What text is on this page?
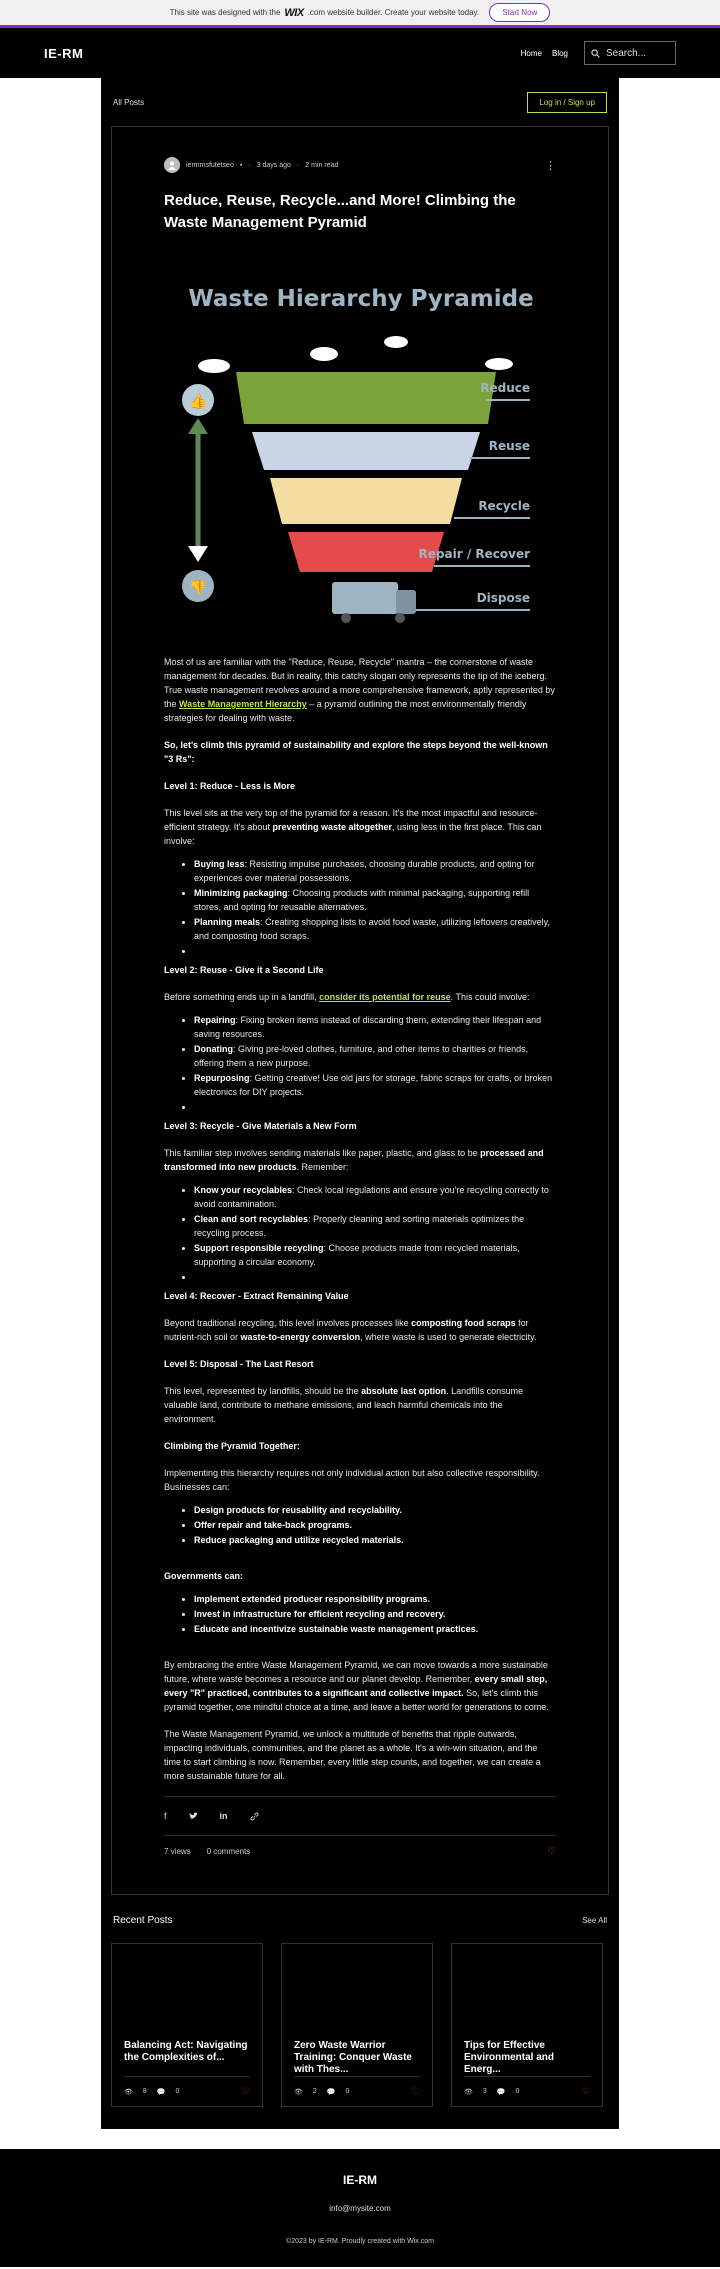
This site was designed with the WIX .com website builder. Create your website today.	Start Now
IE-RM	Home Blog	Search...
All Posts	Log in / Sign up
iermmsfutetseo ▪ · 3 days ago · 2 min read	⋮
Reduce, Reuse, Recycle...and More! Climbing the Waste Management Pyramid
Waste Hierarchy Pyramide
👍
👎
Reduce
Reuse
Recycle
Repair / Recover
Dispose

Most of us are familiar with the "Reduce, Reuse, Recycle" mantra – the cornerstone of waste management for decades. But in reality, this catchy slogan only represents the tip of the iceberg. True waste management revolves around a more comprehensive framework, aptly represented by the Waste Management Hierarchy – a pyramid outlining the most environmentally friendly strategies for dealing with waste.

So, let's climb this pyramid of sustainability and explore the steps beyond the well-known "3 Rs":

Level 1: Reduce - Less is More

This level sits at the very top of the pyramid for a reason. It's the most impactful and resource-efficient strategy. It's about preventing waste altogether, using less in the first place. This can involve:

• Buying less: Resisting impulse purchases, choosing durable products, and opting for experiences over material possessions.
• Minimizing packaging: Choosing products with minimal packaging, supporting refill stores, and opting for reusable alternatives.
• Planning meals: Creating shopping lists to avoid food waste, utilizing leftovers creatively, and composting food scraps.
•
Level 2: Reuse - Give it a Second Life

Before something ends up in a landfill, consider its potential for reuse. This could involve:

• Repairing: Fixing broken items instead of discarding them, extending their lifespan and saving resources.
• Donating: Giving pre-loved clothes, furniture, and other items to charities or friends, offering them a new purpose.
• Repurposing: Getting creative! Use old jars for storage, fabric scraps for crafts, or broken electronics for DIY projects.
•
Level 3: Recycle - Give Materials a New Form

This familiar step involves sending materials like paper, plastic, and glass to be processed and transformed into new products. Remember:

• Know your recyclables: Check local regulations and ensure you're recycling correctly to avoid contamination.
• Clean and sort recyclables: Properly cleaning and sorting materials optimizes the recycling process.
• Support responsible recycling: Choose products made from recycled materials, supporting a circular economy.
•
Level 4: Recover - Extract Remaining Value

Beyond traditional recycling, this level involves processes like composting food scraps for nutrient-rich soil or waste-to-energy conversion, where waste is used to generate electricity.

Level 5: Disposal - The Last Resort

This level, represented by landfills, should be the absolute last option. Landfills consume valuable land, contribute to methane emissions, and leach harmful chemicals into the environment.

Climbing the Pyramid Together:

Implementing this hierarchy requires not only individual action but also collective responsibility. Businesses can:

• Design products for reusability and recyclability.
• Offer repair and take-back programs.
• Reduce packaging and utilize recycled materials.

Governments can:
• Implement extended producer responsibility programs.
• Invest in infrastructure for efficient recycling and recovery.
• Educate and incentivize sustainable waste management practices.

By embracing the entire Waste Management Pyramid, we can move towards a more sustainable future, where waste becomes a resource and our planet develop. Remember, every small step, every "R" practiced, contributes to a significant and collective impact. So, let's climb this pyramid together, one mindful choice at a time, and leave a better world for generations to come.

The Waste Management Pyramid, we unlock a multitude of benefits that ripple outwards, impacting individuals, communities, and the planet as a whole. It's a win-win situation, and the time to start climbing is now. Remember, every little step counts, and together, we can create a more sustainable future for all.

f	in
7 views 0 comments	♡
Recent Posts	See All
Balancing Act: Navigating the Complexities of...
👁 8 💬 0	♡
Zero Waste Warrior Training: Conquer Waste with Thes...
👁 2 💬 0	♡
Tips for Effective Environmental and Energ...
👁 3 💬 0	♡
IE-RM
info@mysite.com
©2023 by IE-RM. Proudly created with Wix.com
